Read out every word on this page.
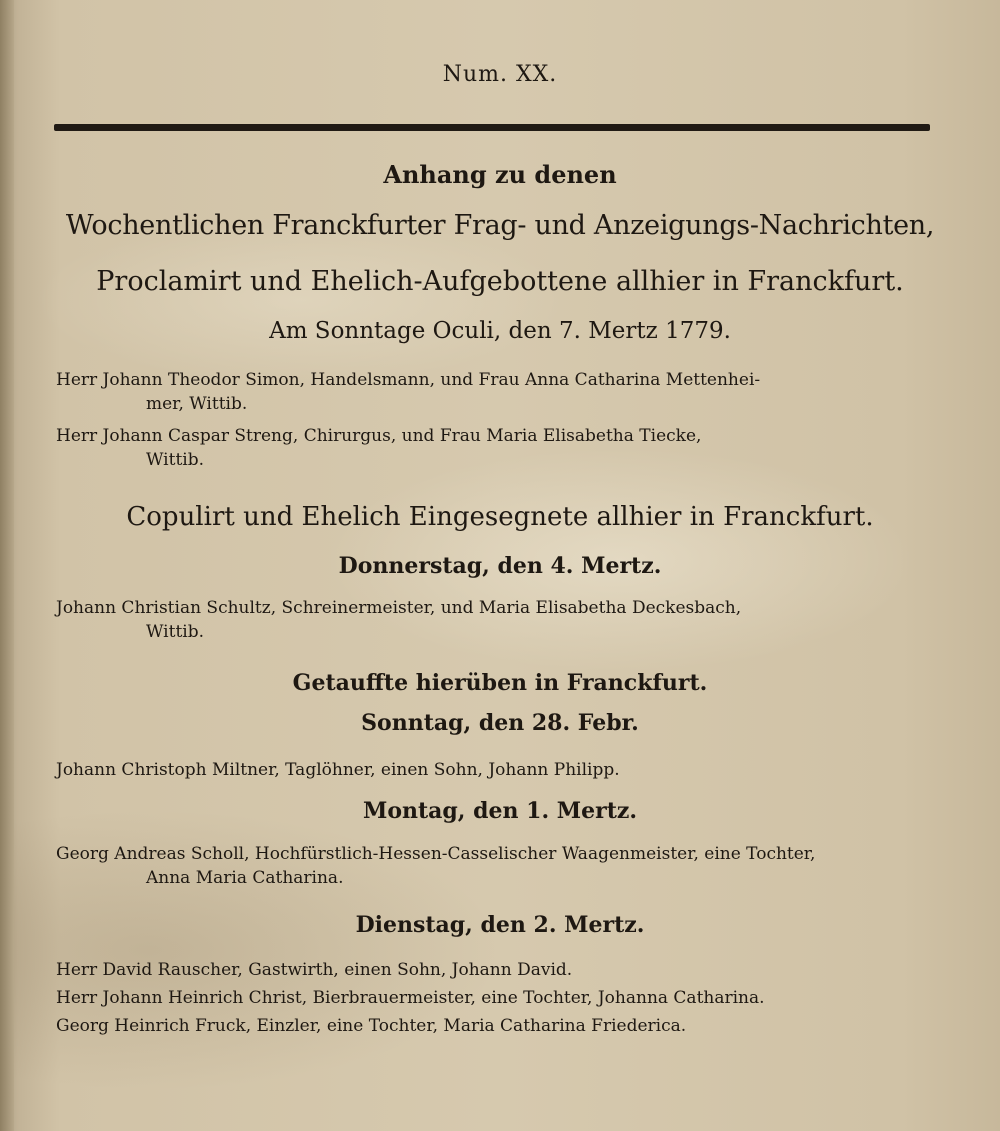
Num. XX.
Anhang zu denen
Wochentlichen Franckfurter Frag- und Anzeigungs-Nachrichten,
Proclamirt und Ehelich-Aufgebottene allhier in Franckfurt.
Am Sonntage Oculi, den 7. Mertz 1779.
Herr Johann Theodor Simon, Handelsmann, und Frau Anna Catharina Mettenhei-
mer, Wittib.
Herr Johann Caspar Streng, Chirurgus, und Frau Maria Elisabetha Tiecke,
Wittib.
Copulirt und Ehelich Eingesegnete allhier in Franckfurt.
Donnerstag, den 4. Mertz.
Johann Christian Schultz, Schreinermeister, und Maria Elisabetha Deckesbach,
Wittib.
Getauffte hierüben in Franckfurt.
Sonntag, den 28. Febr.
Johann Christoph Miltner, Taglöhner, einen Sohn, Johann Philipp.
Montag, den 1. Mertz.
Georg Andreas Scholl, Hochfürstlich-Hessen-Casselischer Waagenmeister, eine Tochter,
Anna Maria Catharina.
Dienstag, den 2. Mertz.
Herr David Rauscher, Gastwirth, einen Sohn, Johann David.
Herr Johann Heinrich Christ, Bierbrauermeister, eine Tochter, Johanna Catharina.
Georg Heinrich Fruck, Einzler, eine Tochter, Maria Catharina Friederica.
